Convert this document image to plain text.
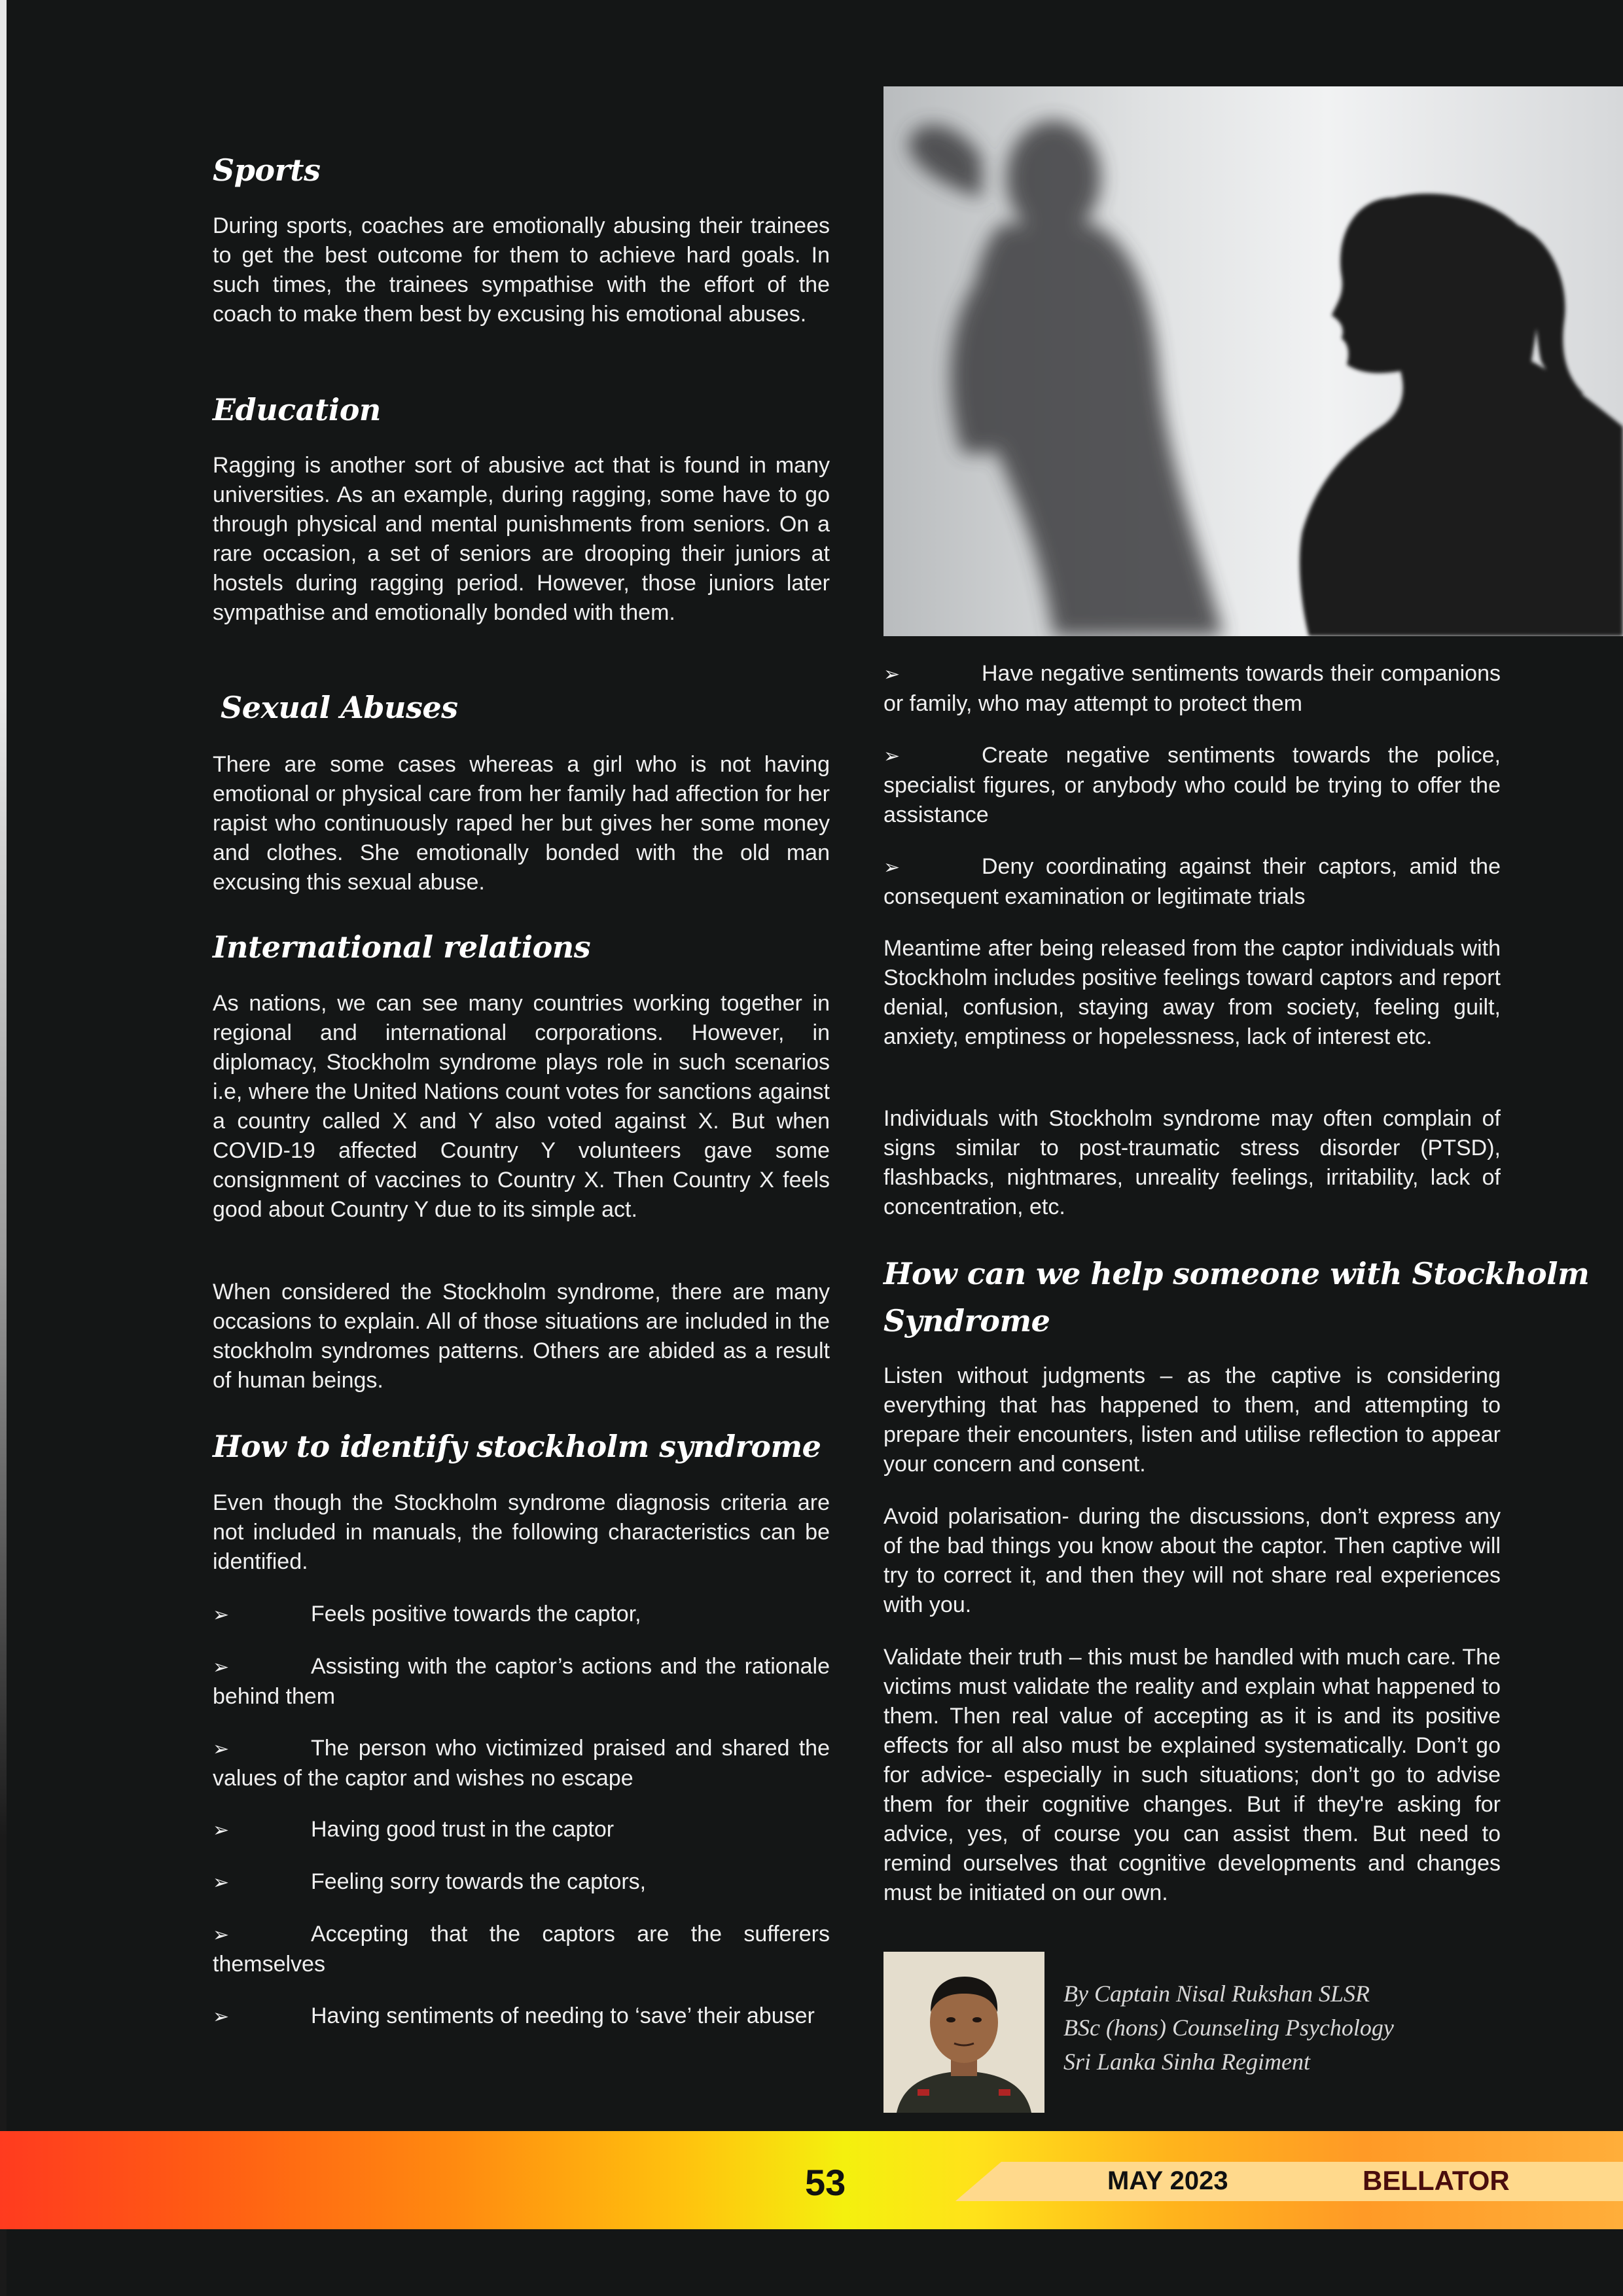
Sports

During sports, coaches are emotionally abusing their trainees to get the best outcome for them to achieve hard goals. In such times, the trainees sympathise with the effort of the coach to make them best by excusing his emotional abuses.

Education

Ragging is another sort of abusive act that is found in many universities. As an example, during ragging, some have to go through physical and mental punishments from seniors. On a rare occasion, a set of seniors are drooping their juniors at hostels during ragging period. However, those juniors later sympathise and emotionally bonded with them.

Sexual Abuses

There are some cases whereas a girl who is not having emotional or physical care from her family had affection for her rapist who continuously raped her but gives her some money and clothes. She emotionally bonded with the old man excusing this sexual abuse.

International relations

As nations, we can see many countries working together in regional and international corporations. However, in diplomacy, Stockholm syndrome plays role in such scenarios i.e, where the United Nations count votes for sanctions against a country called X and Y also voted against X. But when COVID-19 affected Country Y volunteers gave some consignment of vaccines to Country X. Then Country X feels good about Country Y due to its simple act.

When considered the Stockholm syndrome, there are many occasions to explain. All of those situations are included in the stockholm syndromes patterns. Others are abided as a result of human beings.

How to identify stockholm syndrome

Even though the Stockholm syndrome diagnosis criteria are not included in manuals, the following characteristics can be identified.

➢	Feels positive towards the captor,

➢	Assisting with the captor’s actions and the rationale behind them

➢	The person who victimized praised and shared the values of the captor and wishes no escape

➢	Having good trust in the captor

➢	Feeling sorry towards the captors,

➢	Accepting that the captors are the sufferers themselves

➢	Having sentiments of needing to ‘save’ their abuser

➢	Have negative sentiments towards their companions or family, who may attempt to protect them

➢	Create negative sentiments towards the police, specialist figures, or anybody who could be trying to offer the assistance

➢	Deny coordinating against their captors, amid the consequent examination or legitimate trials

Meantime after being released from the captor individuals with Stockholm includes positive feelings toward captors and report denial, confusion, staying away from society, feeling guilt, anxiety, emptiness or hopelessness, lack of interest etc.

Individuals with Stockholm syndrome may often complain of signs similar to post-traumatic stress disorder (PTSD), flashbacks, nightmares, unreality feelings, irritability, lack of concentration, etc.

How can we help someone with Stockholm
Syndrome

Listen without judgments – as the captive is considering everything that has happened to them, and attempting to prepare their encounters, listen and utilise reflection to appear your concern and consent.

Avoid polarisation- during the discussions, don’t express any of the bad things you know about the captor. Then captive will try to correct it, and then they will not share real experiences with you.

Validate their truth – this must be handled with much care. The victims must validate the reality and explain what happened to them. Then real value of accepting as it is and its positive effects for all also must be explained systematically. Don’t go for advice- especially in such situations; don’t go to advise them for their cognitive changes. But if they're asking for advice, yes, of course you can assist them. But need to remind ourselves that cognitive developments and changes must be initiated on our own.

By Captain Nisal Rukshan SLSR

BSc (hons) Counseling Psychology

Sri Lanka Sinha Regiment

53	MAY 2023	BELLATOR
